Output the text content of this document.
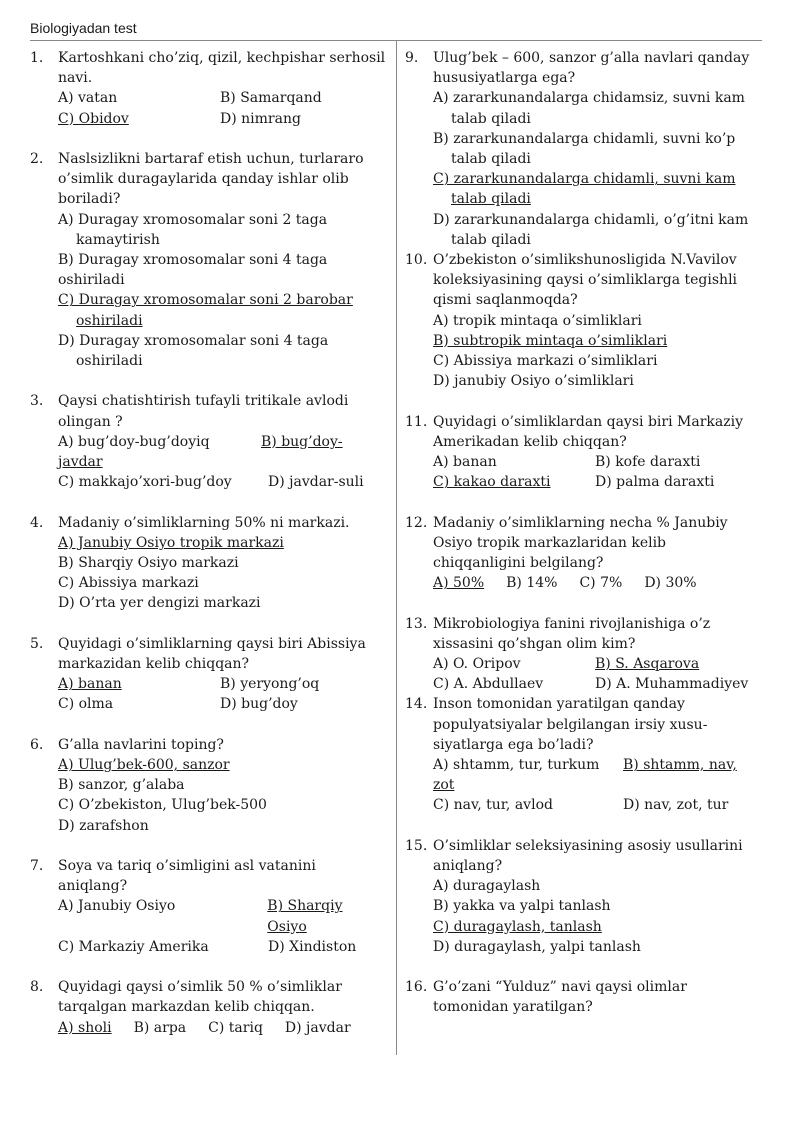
Biologiyadan test
1. Kartoshkani cho’ziq, qizil, kechpishar serhosil navi.
A) vatan	B) Samarqand
C) Obidov	D) nimrang
2. Naslsizlikni bartaraf etish uchun, turlararo o’simlik duragaylarida qanday ishlar olib boriladi?
A) Duragay xromosomalar soni 2 taga
kamaytirish
B) Duragay xromosomalar soni 4 taga oshiriladi
C) Duragay xromosomalar soni 2 barobar
oshiriladi
D) Duragay xromosomalar soni 4 taga
oshiriladi
3. Qaysi chatishtirish tufayli tritikale avlodi olingan ?
A) bug’doy-bug’doyiq	B) bug’doy-
javdar
C) makkajo’xori-bug’doy	D) javdar-suli
4. Madaniy o’simliklarning 50% ni markazi.
A) Janubiy Osiyo tropik markazi
B) Sharqiy Osiyo markazi
C) Abissiya markazi
D) O’rta yer dengizi markazi
5. Quyidagi o’simliklarning qaysi biri Abissiya markazidan kelib chiqqan?
A) banan	B) yeryong’oq
C) olma	D) bug’doy
6. G’alla navlarini toping?
A) Ulug’bek-600, sanzor
B) sanzor, g’alaba
C) O’zbekiston, Ulug’bek-500
D) zarafshon
7. Soya va tariq o’simligini asl vatanini aniqlang?
A) Janubiy Osiyo	B) Sharqiy Osiyo
C) Markaziy Amerika	D) Xindiston
8. Quyidagi qaysi o’simlik 50 % o’simliklar tarqalgan markazdan kelib chiqqan.
A) sholi B) arpa C) tariq D) javdar
9. Ulug’bek – 600, sanzor g’alla navlari qanday hususiyatlarga ega?
A) zararkunandalarga chidamsiz, suvni kam
talab qiladi
B) zararkunandalarga chidamli, suvni ko’p
talab qiladi
C) zararkunandalarga chidamli, suvni kam
talab qiladi
D) zararkunandalarga chidamli, o’g’itni kam
talab qiladi
10. O’zbekiston o’simlikshunosligida N.Vavilov koleksiyasining qaysi o’simliklarga tegishli qismi saqlanmoqda?
A) tropik mintaqa o’simliklari
B) subtropik mintaqa o’simliklari
C) Abissiya markazi o’simliklari
D) janubiy Osiyo o’simliklari
11. Quyidagi o’simliklardan qaysi biri Markaziy Amerikadan kelib chiqqan?
A) banan	B) kofe daraxti
C) kakao daraxti	D) palma daraxti
12. Madaniy o’simliklarning necha % Janubiy Osiyo tropik markazlaridan kelib chiqqanligini belgilang?
A) 50% B) 14% C) 7% D) 30%
13. Mikrobiologiya fanini rivojlanishiga o’z xissasini qo’shgan olim kim?
A) O. Oripov	B) S. Asqarova
C) A. Abdullaev	D) A. Muhammadiyev
14. Inson tomonidan yaratilgan qanday populyatsiyalar belgilangan irsiy xususiyatlarga ega bo’ladi?
A) shtamm, tur, turkum	B) shtamm, nav,
zot
C) nav, tur, avlod	D) nav, zot, tur
15. O’simliklar seleksiyasining asosiy usullarini aniqlang?
A) duragaylash
B) yakka va yalpi tanlash
C) duragaylash, tanlash
D) duragaylash, yalpi tanlash
16. G’o’zani “Yulduz” navi qaysi olimlar tomonidan yaratilgan?
